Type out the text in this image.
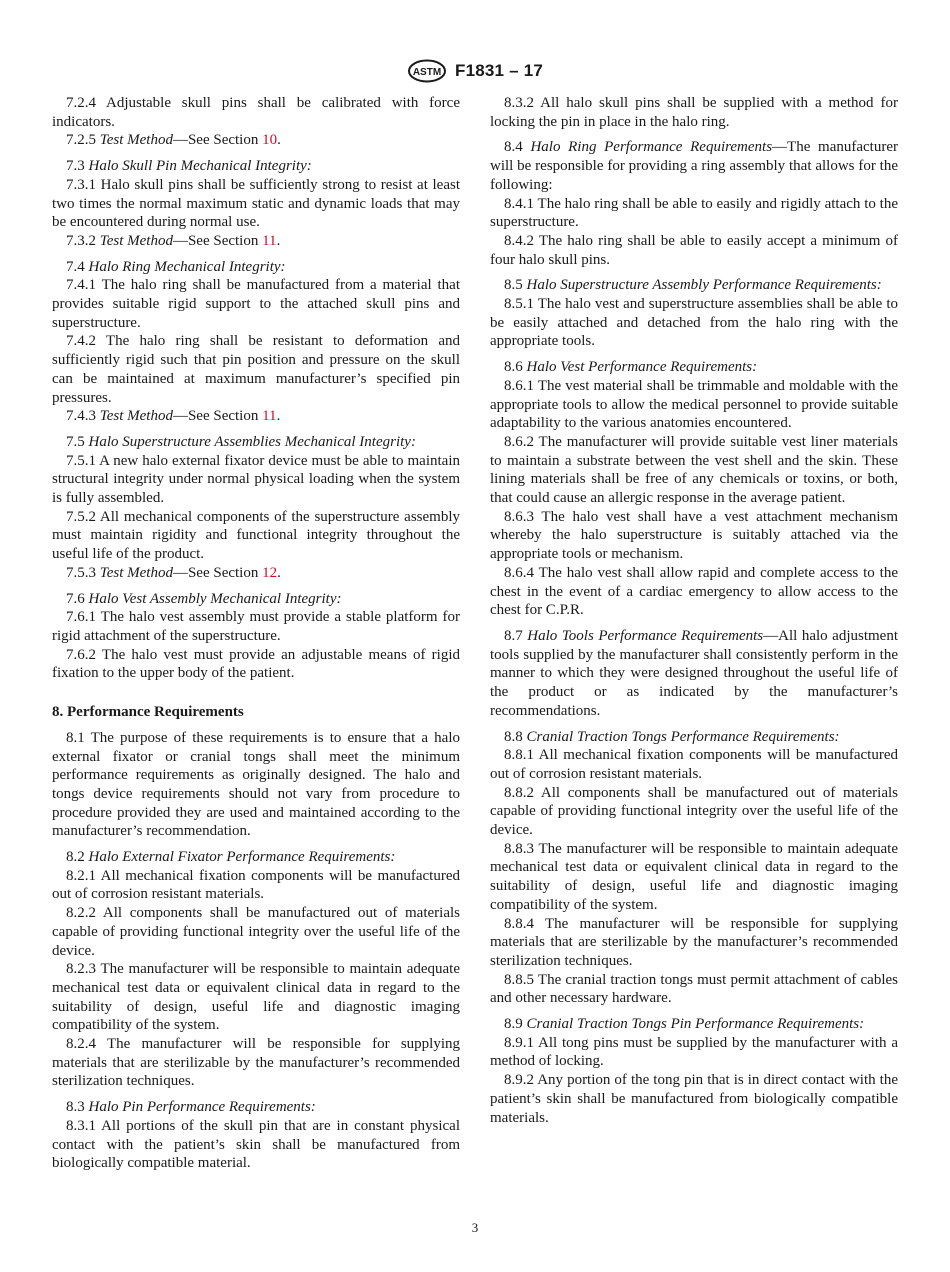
ASTM F1831 – 17

7.2.4 Adjustable skull pins shall be calibrated with force indicators.

7.2.5 Test Method—See Section 10.

7.3 Halo Skull Pin Mechanical Integrity:

7.3.1 Halo skull pins shall be sufficiently strong to resist at least two times the normal maximum static and dynamic loads that may be encountered during normal use.

7.3.2 Test Method—See Section 11.

7.4 Halo Ring Mechanical Integrity:

7.4.1 The halo ring shall be manufactured from a material that provides suitable rigid support to the attached skull pins and superstructure.

7.4.2 The halo ring shall be resistant to deformation and sufficiently rigid such that pin position and pressure on the skull can be maintained at maximum manufacturer’s specified pin pressures.

7.4.3 Test Method—See Section 11.

7.5 Halo Superstructure Assemblies Mechanical Integrity:

7.5.1 A new halo external fixator device must be able to maintain structural integrity under normal physical loading when the system is fully assembled.

7.5.2 All mechanical components of the superstructure assembly must maintain rigidity and functional integrity throughout the useful life of the product.

7.5.3 Test Method—See Section 12.

7.6 Halo Vest Assembly Mechanical Integrity:

7.6.1 The halo vest assembly must provide a stable platform for rigid attachment of the superstructure.

7.6.2 The halo vest must provide an adjustable means of rigid fixation to the upper body of the patient.

8. Performance Requirements

8.1 The purpose of these requirements is to ensure that a halo external fixator or cranial tongs shall meet the minimum performance requirements as originally designed. The halo and tongs device requirements should not vary from procedure to procedure provided they are used and maintained according to the manufacturer’s recommendation.

8.2 Halo External Fixator Performance Requirements:

8.2.1 All mechanical fixation components will be manufactured out of corrosion resistant materials.

8.2.2 All components shall be manufactured out of materials capable of providing functional integrity over the useful life of the device.

8.2.3 The manufacturer will be responsible to maintain adequate mechanical test data or equivalent clinical data in regard to the suitability of design, useful life and diagnostic imaging compatibility of the system.

8.2.4 The manufacturer will be responsible for supplying materials that are sterilizable by the manufacturer’s recommended sterilization techniques.

8.3 Halo Pin Performance Requirements:

8.3.1 All portions of the skull pin that are in constant physical contact with the patient’s skin shall be manufactured from biologically compatible material.

8.3.2 All halo skull pins shall be supplied with a method for locking the pin in place in the halo ring.

8.4 Halo Ring Performance Requirements—The manufacturer will be responsible for providing a ring assembly that allows for the following:

8.4.1 The halo ring shall be able to easily and rigidly attach to the superstructure.

8.4.2 The halo ring shall be able to easily accept a minimum of four halo skull pins.

8.5 Halo Superstructure Assembly Performance Requirements:

8.5.1 The halo vest and superstructure assemblies shall be able to be easily attached and detached from the halo ring with the appropriate tools.

8.6 Halo Vest Performance Requirements:

8.6.1 The vest material shall be trimmable and moldable with the appropriate tools to allow the medical personnel to provide suitable adaptability to the various anatomies encountered.

8.6.2 The manufacturer will provide suitable vest liner materials to maintain a substrate between the vest shell and the skin. These lining materials shall be free of any chemicals or toxins, or both, that could cause an allergic response in the average patient.

8.6.3 The halo vest shall have a vest attachment mechanism whereby the halo superstructure is suitably attached via the appropriate tools or mechanism.

8.6.4 The halo vest shall allow rapid and complete access to the chest in the event of a cardiac emergency to allow access to the chest for C.P.R.

8.7 Halo Tools Performance Requirements—All halo adjustment tools supplied by the manufacturer shall consistently perform in the manner to which they were designed throughout the useful life of the product or as indicated by the manufacturer’s recommendations.

8.8 Cranial Traction Tongs Performance Requirements:

8.8.1 All mechanical fixation components will be manufactured out of corrosion resistant materials.

8.8.2 All components shall be manufactured out of materials capable of providing functional integrity over the useful life of the device.

8.8.3 The manufacturer will be responsible to maintain adequate mechanical test data or equivalent clinical data in regard to the suitability of design, useful life and diagnostic imaging compatibility of the system.

8.8.4 The manufacturer will be responsible for supplying materials that are sterilizable by the manufacturer’s recommended sterilization techniques.

8.8.5 The cranial traction tongs must permit attachment of cables and other necessary hardware.

8.9 Cranial Traction Tongs Pin Performance Requirements:

8.9.1 All tong pins must be supplied by the manufacturer with a method of locking.

8.9.2 Any portion of the tong pin that is in direct contact with the patient’s skin shall be manufactured from biologically compatible materials.

3
